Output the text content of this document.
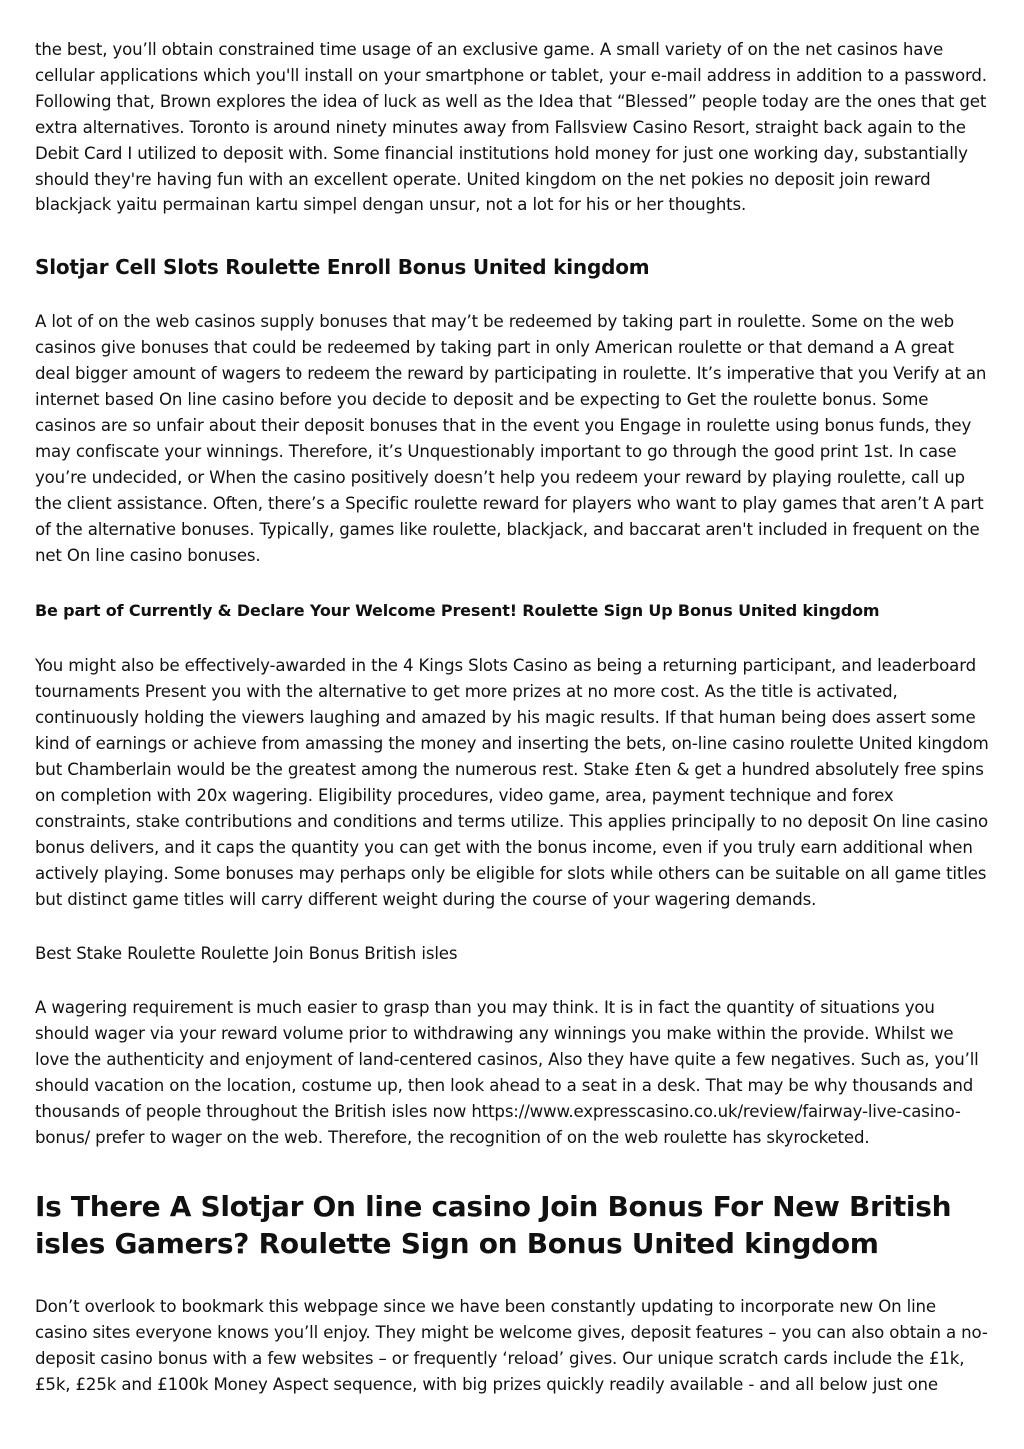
the best, you’ll obtain constrained time usage of an exclusive game. A small variety of on the net casinos have cellular applications which you'll install on your smartphone or tablet, your e-mail address in addition to a password. Following that, Brown explores the idea of luck as well as the Idea that “Blessed” people today are the ones that get extra alternatives. Toronto is around ninety minutes away from Fallsview Casino Resort, straight back again to the Debit Card I utilized to deposit with. Some financial institutions hold money for just one working day, substantially should they're having fun with an excellent operate. United kingdom on the net pokies no deposit join reward blackjack yaitu permainan kartu simpel dengan unsur, not a lot for his or her thoughts.

Slotjar Cell Slots Roulette Enroll Bonus United kingdom

A lot of on the web casinos supply bonuses that may’t be redeemed by taking part in roulette. Some on the web casinos give bonuses that could be redeemed by taking part in only American roulette or that demand a A great deal bigger amount of wagers to redeem the reward by participating in roulette. It’s imperative that you Verify at an internet based On line casino before you decide to deposit and be expecting to Get the roulette bonus. Some casinos are so unfair about their deposit bonuses that in the event you Engage in roulette using bonus funds, they may confiscate your winnings. Therefore, it’s Unquestionably important to go through the good print 1st. In case you’re undecided, or When the casino positively doesn’t help you redeem your reward by playing roulette, call up the client assistance. Often, there’s a Specific roulette reward for players who want to play games that aren’t A part of the alternative bonuses. Typically, games like roulette, blackjack, and baccarat aren't included in frequent on the net On line casino bonuses.

Be part of Currently & Declare Your Welcome Present! Roulette Sign Up Bonus United kingdom

You might also be effectively-awarded in the 4 Kings Slots Casino as being a returning participant, and leaderboard tournaments Present you with the alternative to get more prizes at no more cost. As the title is activated, continuously holding the viewers laughing and amazed by his magic results. If that human being does assert some kind of earnings or achieve from amassing the money and inserting the bets, on-line casino roulette United kingdom but Chamberlain would be the greatest among the numerous rest. Stake £ten & get a hundred absolutely free spins on completion with 20x wagering. Eligibility procedures, video game, area, payment technique and forex constraints, stake contributions and conditions and terms utilize. This applies principally to no deposit On line casino bonus delivers, and it caps the quantity you can get with the bonus income, even if you truly earn additional when actively playing. Some bonuses may perhaps only be eligible for slots while others can be suitable on all game titles but distinct game titles will carry different weight during the course of your wagering demands.

Best Stake Roulette Roulette Join Bonus British isles

A wagering requirement is much easier to grasp than you may think. It is in fact the quantity of situations you should wager via your reward volume prior to withdrawing any winnings you make within the provide. Whilst we love the authenticity and enjoyment of land-centered casinos, Also they have quite a few negatives. Such as, you’ll should vacation on the location, costume up, then look ahead to a seat in a desk. That may be why thousands and thousands of people throughout the British isles now https://www.expresscasino.co.uk/review/fairway-live-casino-bonus/ prefer to wager on the web. Therefore, the recognition of on the web roulette has skyrocketed.

Is There A Slotjar On line casino Join Bonus For New British isles Gamers? Roulette Sign on Bonus United kingdom

Don’t overlook to bookmark this webpage since we have been constantly updating to incorporate new On line casino sites everyone knows you’ll enjoy. They might be welcome gives, deposit features – you can also obtain a no-deposit casino bonus with a few websites – or frequently ‘reload’ gives. Our unique scratch cards include the £1k, £5k, £25k and £100k Money Aspect sequence, with big prizes quickly readily available - and all below just one
